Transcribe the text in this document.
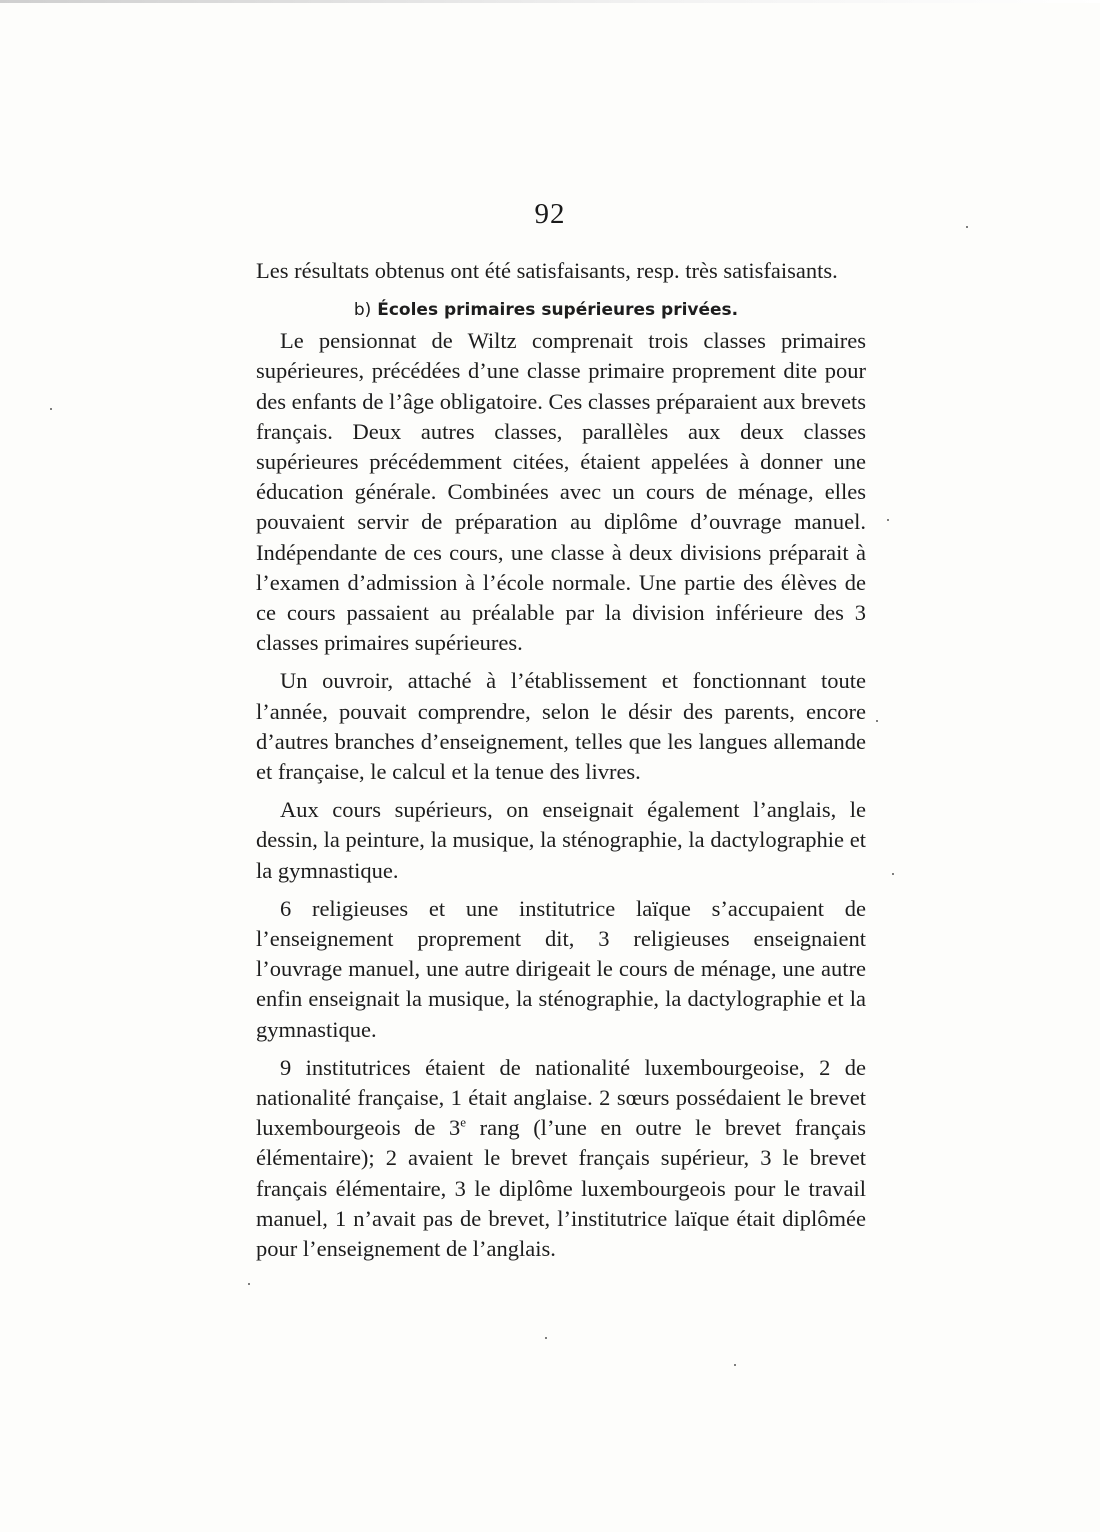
92

Les résultats obtenus ont été satisfaisants, resp. très satisfaisants.

b) Écoles primaires supérieures privées.

Le pensionnat de Wiltz comprenait trois classes primaires supérieures, précédées d’une classe primaire proprement dite pour des enfants de l’âge obligatoire. Ces classes préparaient aux brevets français. Deux autres classes, parallèles aux deux classes supérieures précédemment citées, étaient appelées à donner une éducation générale. Combinées avec un cours de ménage, elles pouvaient servir de préparation au diplôme d’ouvrage manuel. Indépendante de ces cours, une classe à deux divisions préparait à l’examen d’admission à l’école normale. Une partie des élèves de ce cours passaient au préalable par la division inférieure des 3 classes primaires supérieures.

Un ouvroir, attaché à l’établissement et fonctionnant toute l’année, pouvait comprendre, selon le désir des parents, encore d’autres branches d’enseignement, telles que les langues allemande et française, le calcul et la tenue des livres.

Aux cours supérieurs, on enseignait également l’anglais, le dessin, la peinture, la musique, la sténographie, la dactylographie et la gymnastique.

6 religieuses et une institutrice laïque s’accupaient de l’enseignement proprement dit, 3 religieuses enseignaient l’ouvrage manuel, une autre dirigeait le cours de ménage, une autre enfin enseignait la musique, la sténographie, la dactylographie et la gymnastique.

9 institutrices étaient de nationalité luxembourgeoise, 2 de nationalité française, 1 était anglaise. 2 sœurs possédaient le brevet luxembourgeois de 3e rang (l’une en outre le brevet français élémentaire); 2 avaient le brevet français supérieur, 3 le brevet français élémentaire, 3 le diplôme luxembourgeois pour le travail manuel, 1 n’avait pas de brevet, l’institutrice laïque était diplômée pour l’enseignement de l’anglais.
